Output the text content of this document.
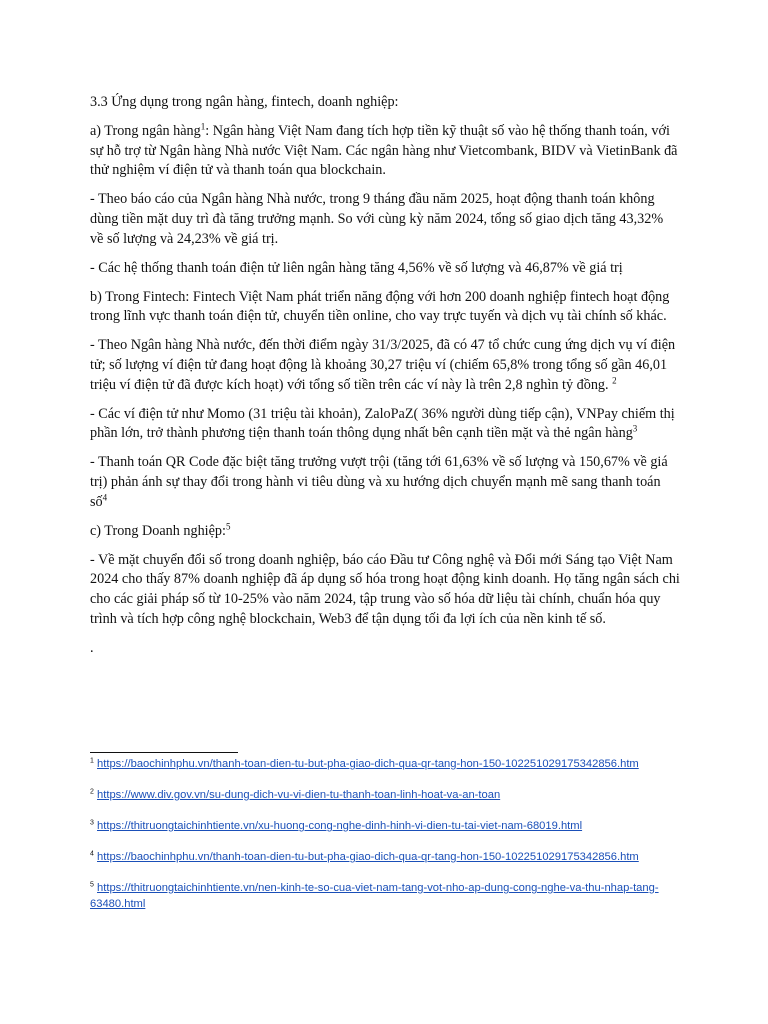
3.3 Ứng dụng trong ngân hàng, fintech, doanh nghiệp:

a) Trong ngân hàng$^1$: Ngân hàng Việt Nam đang tích hợp tiền kỹ thuật số vào hệ thống thanh toán, với sự hỗ trợ từ Ngân hàng Nhà nước Việt Nam. Các ngân hàng như Vietcombank, BIDV và VietinBank đã thử nghiệm ví điện tử và thanh toán qua blockchain.

- Theo báo cáo của Ngân hàng Nhà nước, trong 9 tháng đầu năm 2025, hoạt động thanh toán không dùng tiền mặt duy trì đà tăng trưởng mạnh. So với cùng kỳ năm 2024, tổng số giao dịch tăng 43,32% về số lượng và 24,23% về giá trị.

- Các hệ thống thanh toán điện tử liên ngân hàng tăng 4,56% về số lượng và 46,87% về giá trị

b) Trong Fintech: Fintech Việt Nam phát triển năng động với hơn 200 doanh nghiệp fintech hoạt động trong lĩnh vực thanh toán điện tử, chuyển tiền online, cho vay trực tuyến và dịch vụ tài chính số khác.

- Theo Ngân hàng Nhà nước, đến thời điểm ngày 31/3/2025, đã có 47 tổ chức cung ứng dịch vụ ví điện tử; số lượng ví điện tử đang hoạt động là khoảng 30,27 triệu ví (chiếm 65,8% trong tổng số gần 46,01 triệu ví điện tử đã được kích hoạt) với tổng số tiền trên các ví này là trên 2,8 nghìn tỷ đồng. $^2$

- Các ví điện tử như Momo (31 triệu tài khoản), ZaloPaZ( 36% người dùng tiếp cận), VNPay chiếm thị phần lớn, trở thành phương tiện thanh toán thông dụng nhất bên cạnh tiền mặt và thẻ ngân hàng$^3$

- Thanh toán QR Code đặc biệt tăng trưởng vượt trội (tăng tới 61,63% về số lượng và 150,67% về giá trị) phản ánh sự thay đổi trong hành vi tiêu dùng và xu hướng dịch chuyển mạnh mẽ sang thanh toán số$^4$

c) Trong Doanh nghiệp:$^5$

- Về mặt chuyển đổi số trong doanh nghiệp, báo cáo Đầu tư Công nghệ và Đổi mới Sáng tạo Việt Nam 2024 cho thấy 87% doanh nghiệp đã áp dụng số hóa trong hoạt động kinh doanh. Họ tăng ngân sách chi cho các giải pháp số từ 10-25% vào năm 2024, tập trung vào số hóa dữ liệu tài chính, chuẩn hóa quy trình và tích hợp công nghệ blockchain, Web3 để tận dụng tối đa lợi ích của nền kinh tế số.

.

$^1$ https://baochinhphu.vn/thanh-toan-dien-tu-but-pha-giao-dich-qua-qr-tang-hon-150-102251029175342856.htm
$^2$ https://www.div.gov.vn/su-dung-dich-vu-vi-dien-tu-thanh-toan-linh-hoat-va-an-toan
$^3$ https://thitruongtaichinhtiente.vn/xu-huong-cong-nghe-dinh-hinh-vi-dien-tu-tai-viet-nam-68019.html
$^4$ https://baochinhphu.vn/thanh-toan-dien-tu-but-pha-giao-dich-qua-qr-tang-hon-150-102251029175342856.htm
$^5$ https://thitruongtaichinhtiente.vn/nen-kinh-te-so-cua-viet-nam-tang-vot-nho-ap-dung-cong-nghe-va-thu-nhap-tang-63480.html
